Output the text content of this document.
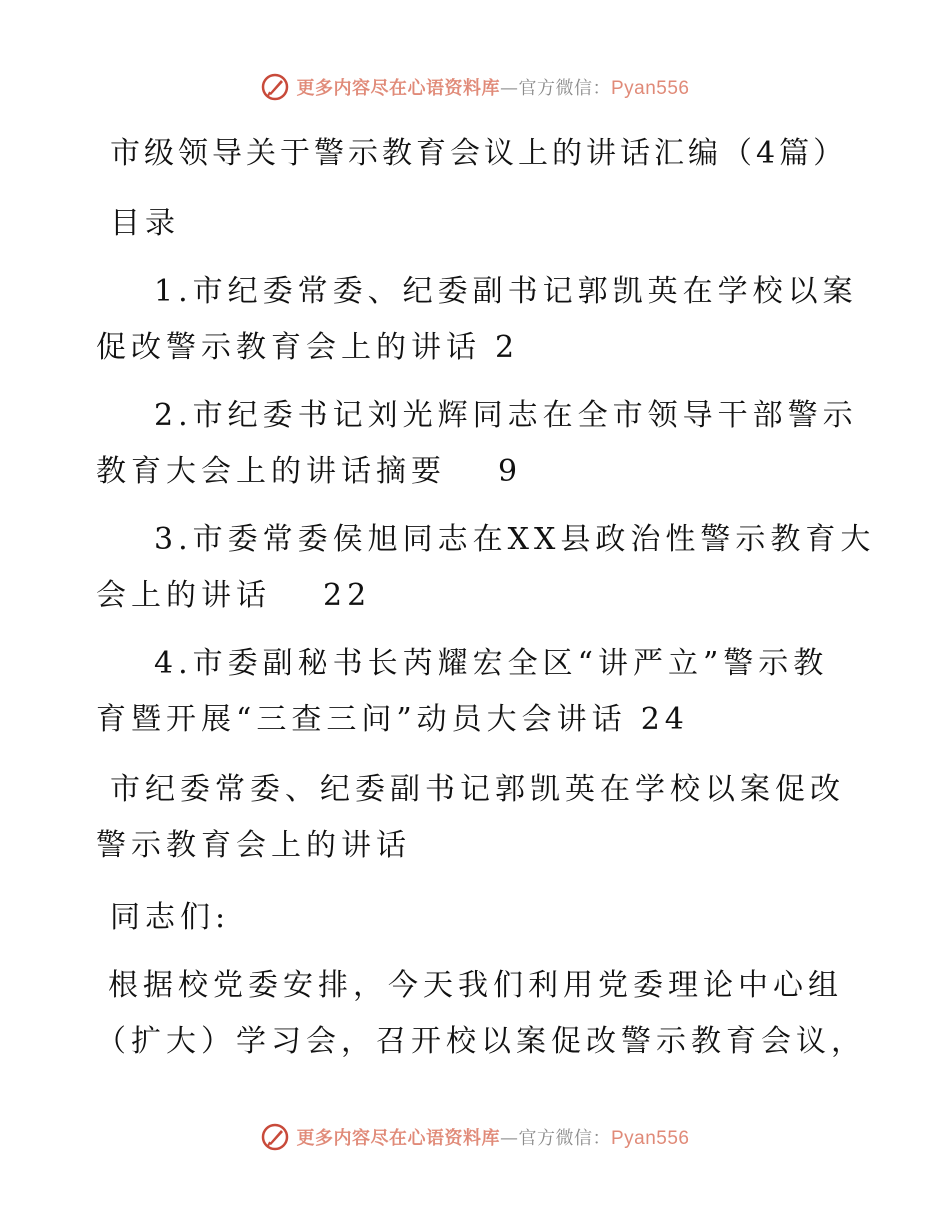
更多内容尽在心语资料库—官方微信：Pyan556
市级领导关于警示教育会议上的讲话汇编（4篇）
目录
1.市纪委常委、纪委副书记郭凯英在学校以案
促改警示教育会上的讲话 2
2.市纪委书记刘光辉同志在全市领导干部警示
教育大会上的讲话摘要 9
3.市委常委侯旭同志在XX县政治性警示教育大
会上的讲话 22
4.市委副秘书长芮耀宏全区“讲严立”警示教
育暨开展“三查三问”动员大会讲话 24
市纪委常委、纪委副书记郭凯英在学校以案促改
警示教育会上的讲话
同志们:
根据校党委安排，今天我们利用党委理论中心组
（扩大）学习会，召开校以案促改警示教育会议，
更多内容尽在心语资料库—官方微信：Pyan556
